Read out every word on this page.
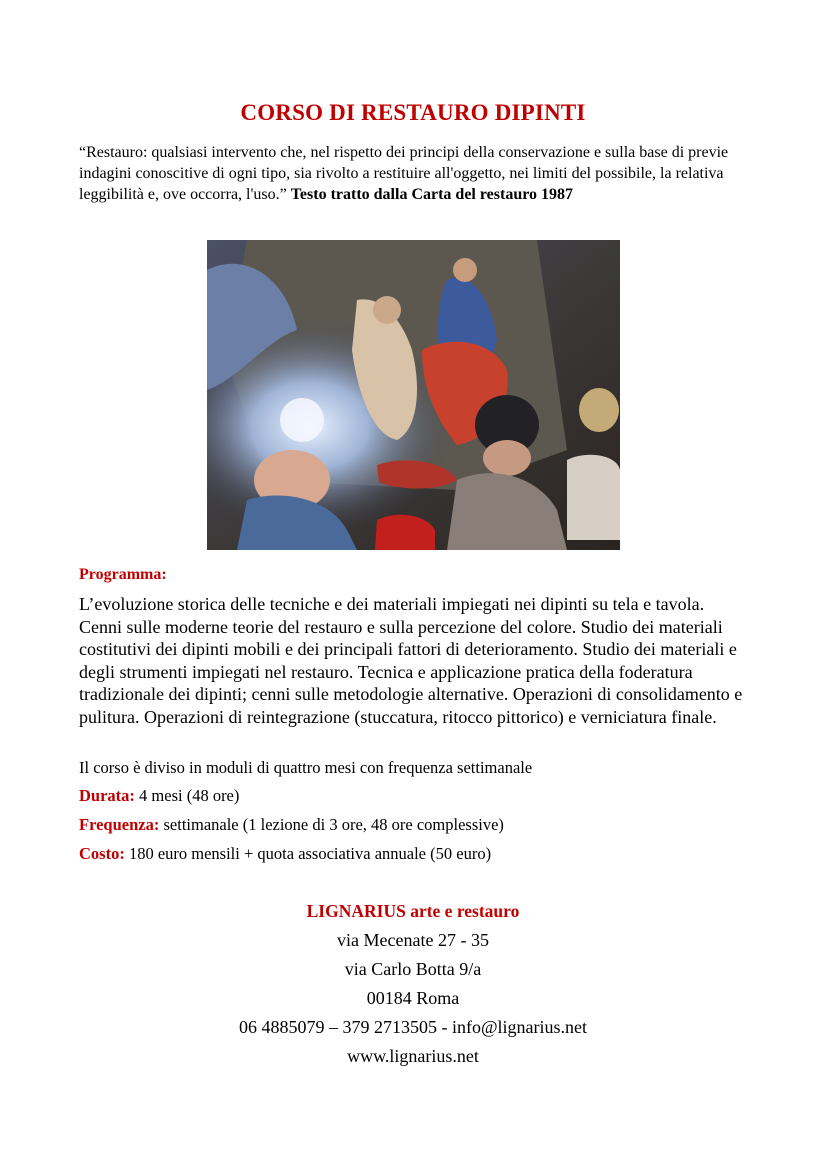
CORSO DI RESTAURO DIPINTI

“Restauro: qualsiasi intervento che, nel rispetto dei principi della conservazione e sulla base di previe indagini conoscitive di ogni tipo, sia rivolto a restituire all'oggetto, nei limiti del possibile, la relativa leggibilità e, ove occorra, l'uso.” Testo tratto dalla Carta del restauro 1987

Programma:

L’evoluzione storica delle tecniche e dei materiali impiegati nei dipinti su tela e tavola. Cenni sulle moderne teorie del restauro e sulla percezione del colore. Studio dei materiali costitutivi dei dipinti mobili e dei principali fattori di deterioramento. Studio dei materiali e degli strumenti impiegati nel restauro. Tecnica e applicazione pratica della foderatura tradizionale dei dipinti; cenni sulle metodologie alternative. Operazioni di consolidamento e pulitura. Operazioni di reintegrazione (stuccatura, ritocco pittorico) e verniciatura finale.

Il corso è diviso in moduli di quattro mesi con frequenza settimanale

Durata: 4 mesi (48 ore)

Frequenza: settimanale (1 lezione di 3 ore, 48 ore complessive)

Costo: 180 euro mensili + quota associativa annuale (50 euro)

LIGNARIUS arte e restauro

via Mecenate 27 - 35

via Carlo Botta 9/a

00184 Roma

06 4885079 – 379 2713505 - info@lignarius.net

www.lignarius.net
